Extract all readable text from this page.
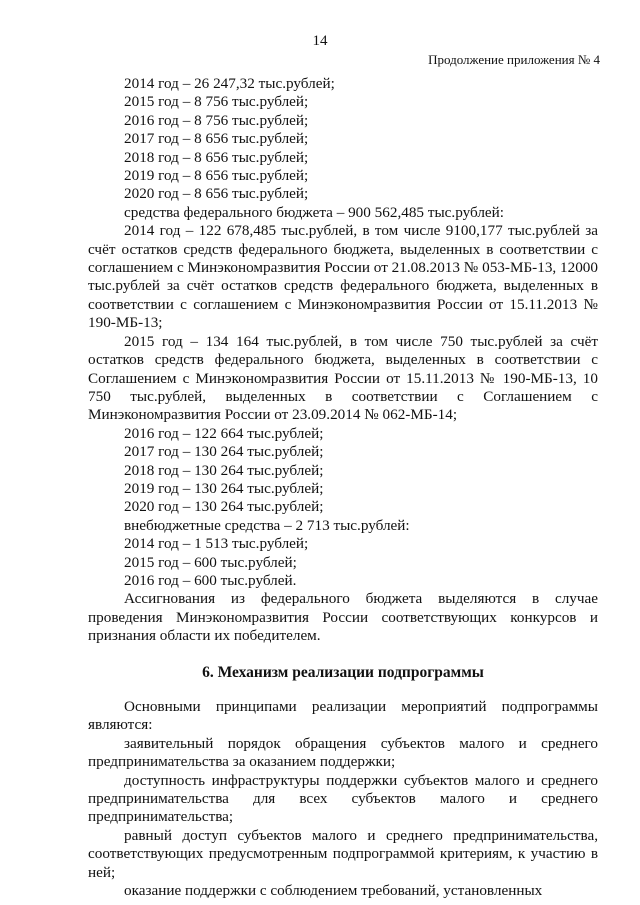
14
Продолжение приложения № 4

2014 год – 26 247,32 тыс.рублей;

2015 год – 8 756 тыс.рублей;

2016 год – 8 756 тыс.рублей;

2017 год – 8 656 тыс.рублей;

2018 год – 8 656 тыс.рублей;

2019 год – 8 656 тыс.рублей;

2020 год – 8 656 тыс.рублей;

средства федерального бюджета – 900 562,485 тыс.рублей:

2014 год – 122 678,485 тыс.рублей, в том числе 9100,177 тыс.рублей за счёт остатков средств федерального бюджета, выделенных в соответствии с соглашением с Минэкономразвития России от 21.08.2013 № 053-МБ-13, 12000 тыс.рублей за счёт остатков средств федерального бюджета, выделенных в соответствии с соглашением с Минэкономразвития России от 15.11.2013 № 190-МБ-13;

2015 год – 134 164 тыс.рублей, в том числе 750 тыс.рублей за счёт остатков средств федерального бюджета, выделенных в соответствии с Соглашением с Минэкономразвития России от 15.11.2013 № 190-МБ-13, 10 750 тыс.рублей, выделенных в соответствии с Соглашением с Минэкономразвития России от 23.09.2014 № 062-МБ-14;

2016 год – 122 664 тыс.рублей;

2017 год – 130 264 тыс.рублей;

2018 год – 130 264 тыс.рублей;

2019 год – 130 264 тыс.рублей;

2020 год – 130 264 тыс.рублей;

внебюджетные средства – 2 713 тыс.рублей:

2014 год – 1 513 тыс.рублей;

2015 год – 600 тыс.рублей;

2016 год – 600 тыс.рублей.

Ассигнования из федерального бюджета выделяются в случае проведения Минэкономразвития России соответствующих конкурсов и признания области их победителем.

6. Механизм реализации подпрограммы

Основными принципами реализации мероприятий подпрограммы являются:

заявительный порядок обращения субъектов малого и среднего предпринимательства за оказанием поддержки;

доступность инфраструктуры поддержки субъектов малого и среднего предпринимательства для всех субъектов малого и среднего предпринимательства;

равный доступ субъектов малого и среднего предпринимательства, соответствующих предусмотренным подпрограммой критериям, к участию в ней;

оказание поддержки с соблюдением требований, установленных
